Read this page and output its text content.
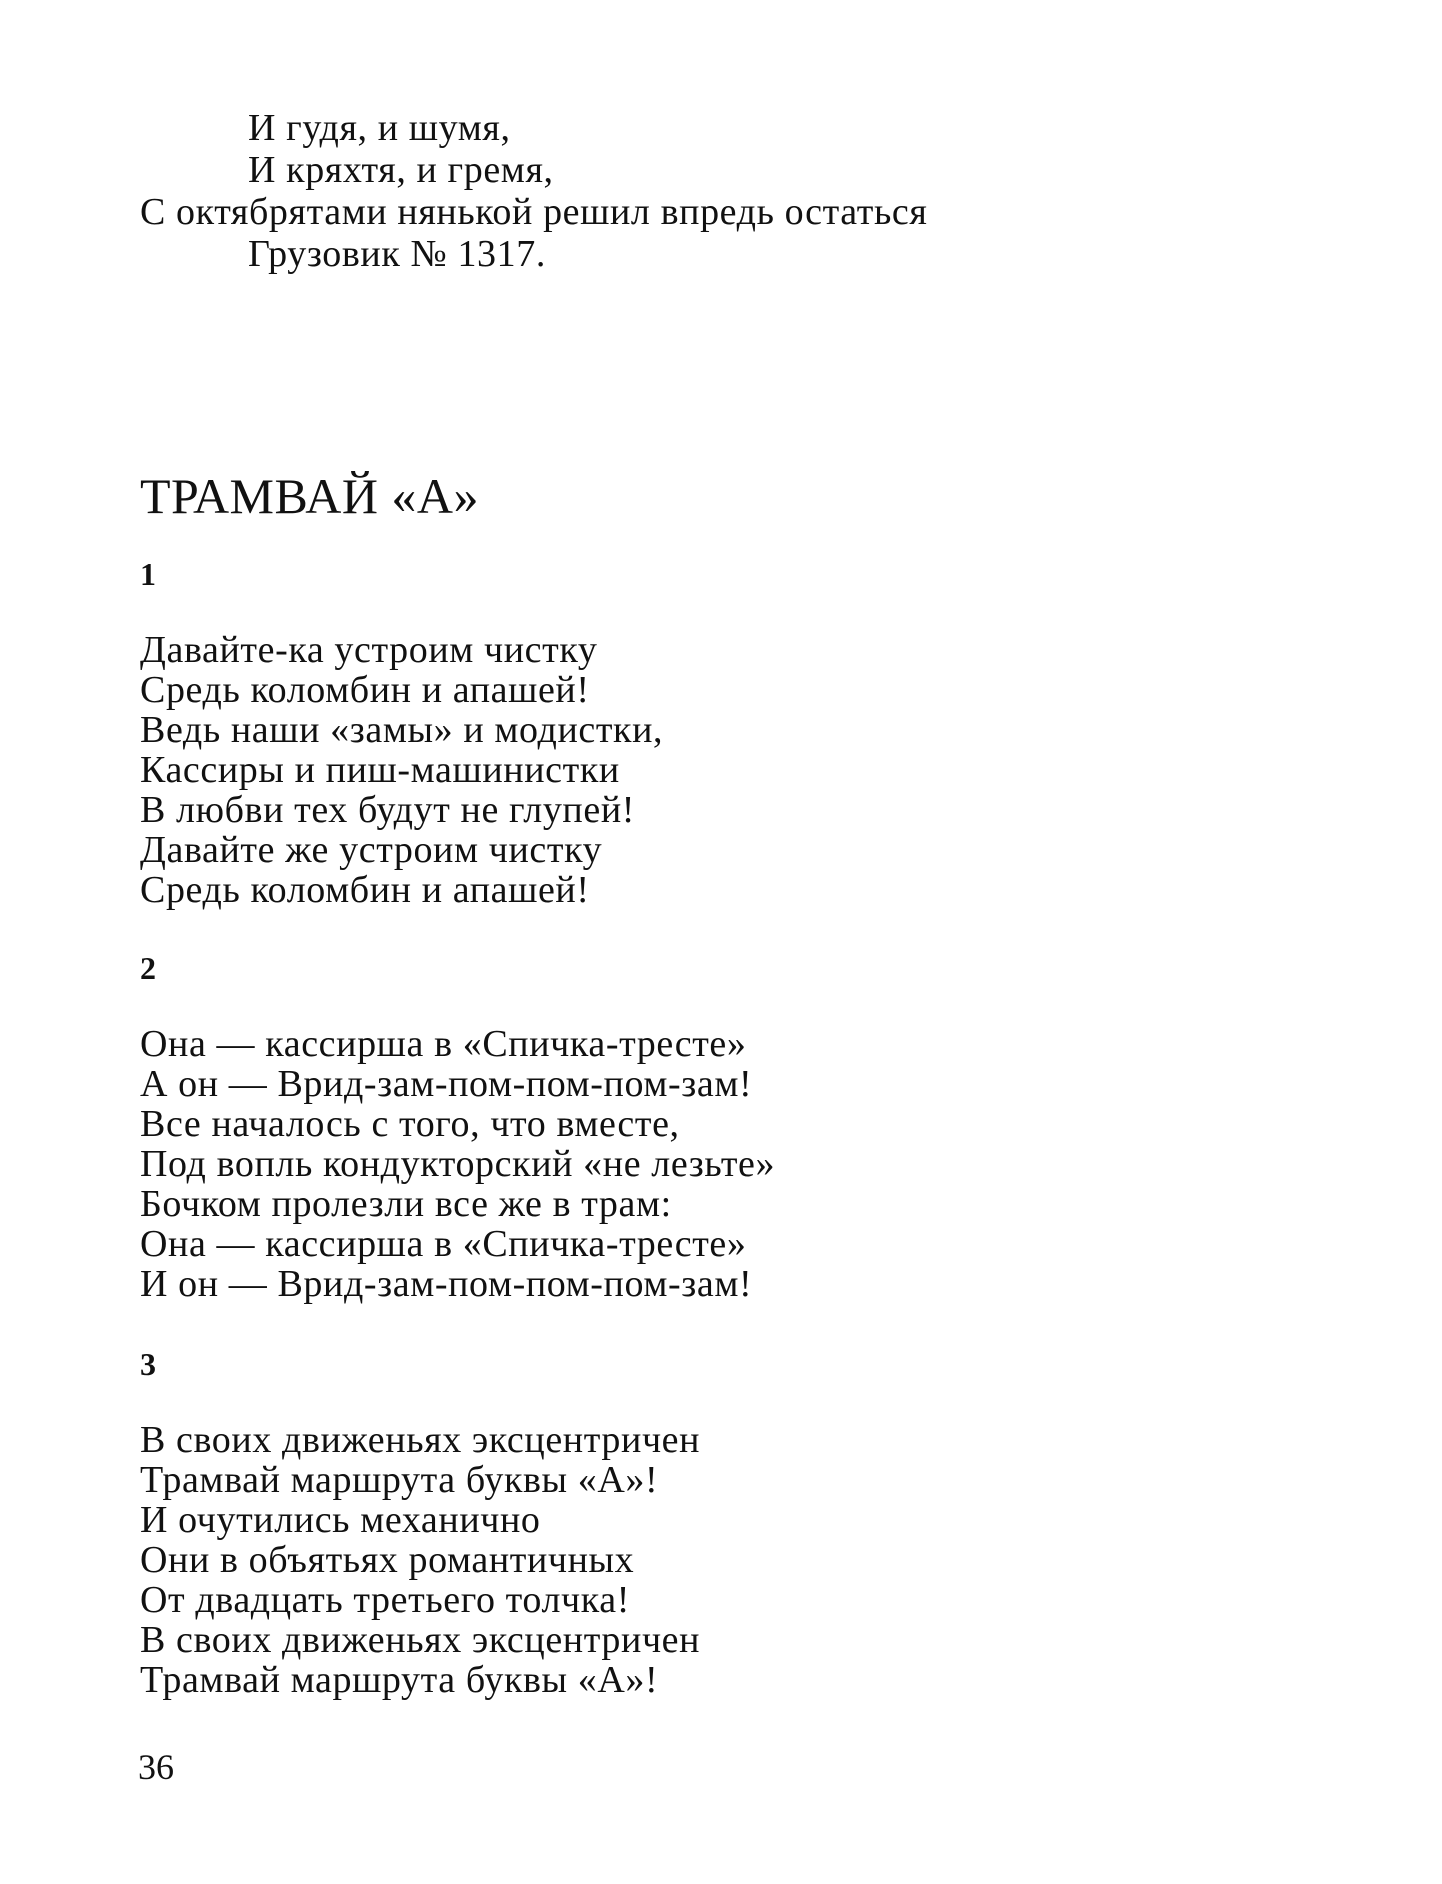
И гудя, и шумя,
И кряхтя, и гремя,
С октябрятами нянькой решил впредь остаться
Грузовик № 1317.
ТРАМВАЙ «А»
1
Давайте-ка устроим чистку
Средь коломбин и апашей!
Ведь наши «замы» и модистки,
Кассиры и пиш-машинистки
В любви тех будут не глупей!
Давайте же устроим чистку
Средь коломбин и апашей!
2
Она — кассирша в «Спичка-тресте»
А он — Врид-зам-пом-пом-пом-зам!
Все началось с того, что вместе,
Под вопль кондукторский «не лезьте»
Бочком пролезли все же в трам:
Она — кассирша в «Спичка-тресте»
И он — Врид-зам-пом-пом-пом-зам!
3
В своих движеньях эксцентричен
Трамвай маршрута буквы «А»!
И очутились механично
Они в объятьях романтичных
От двадцать третьего толчка!
В своих движеньях эксцентричен
Трамвай маршрута буквы «А»!
36
